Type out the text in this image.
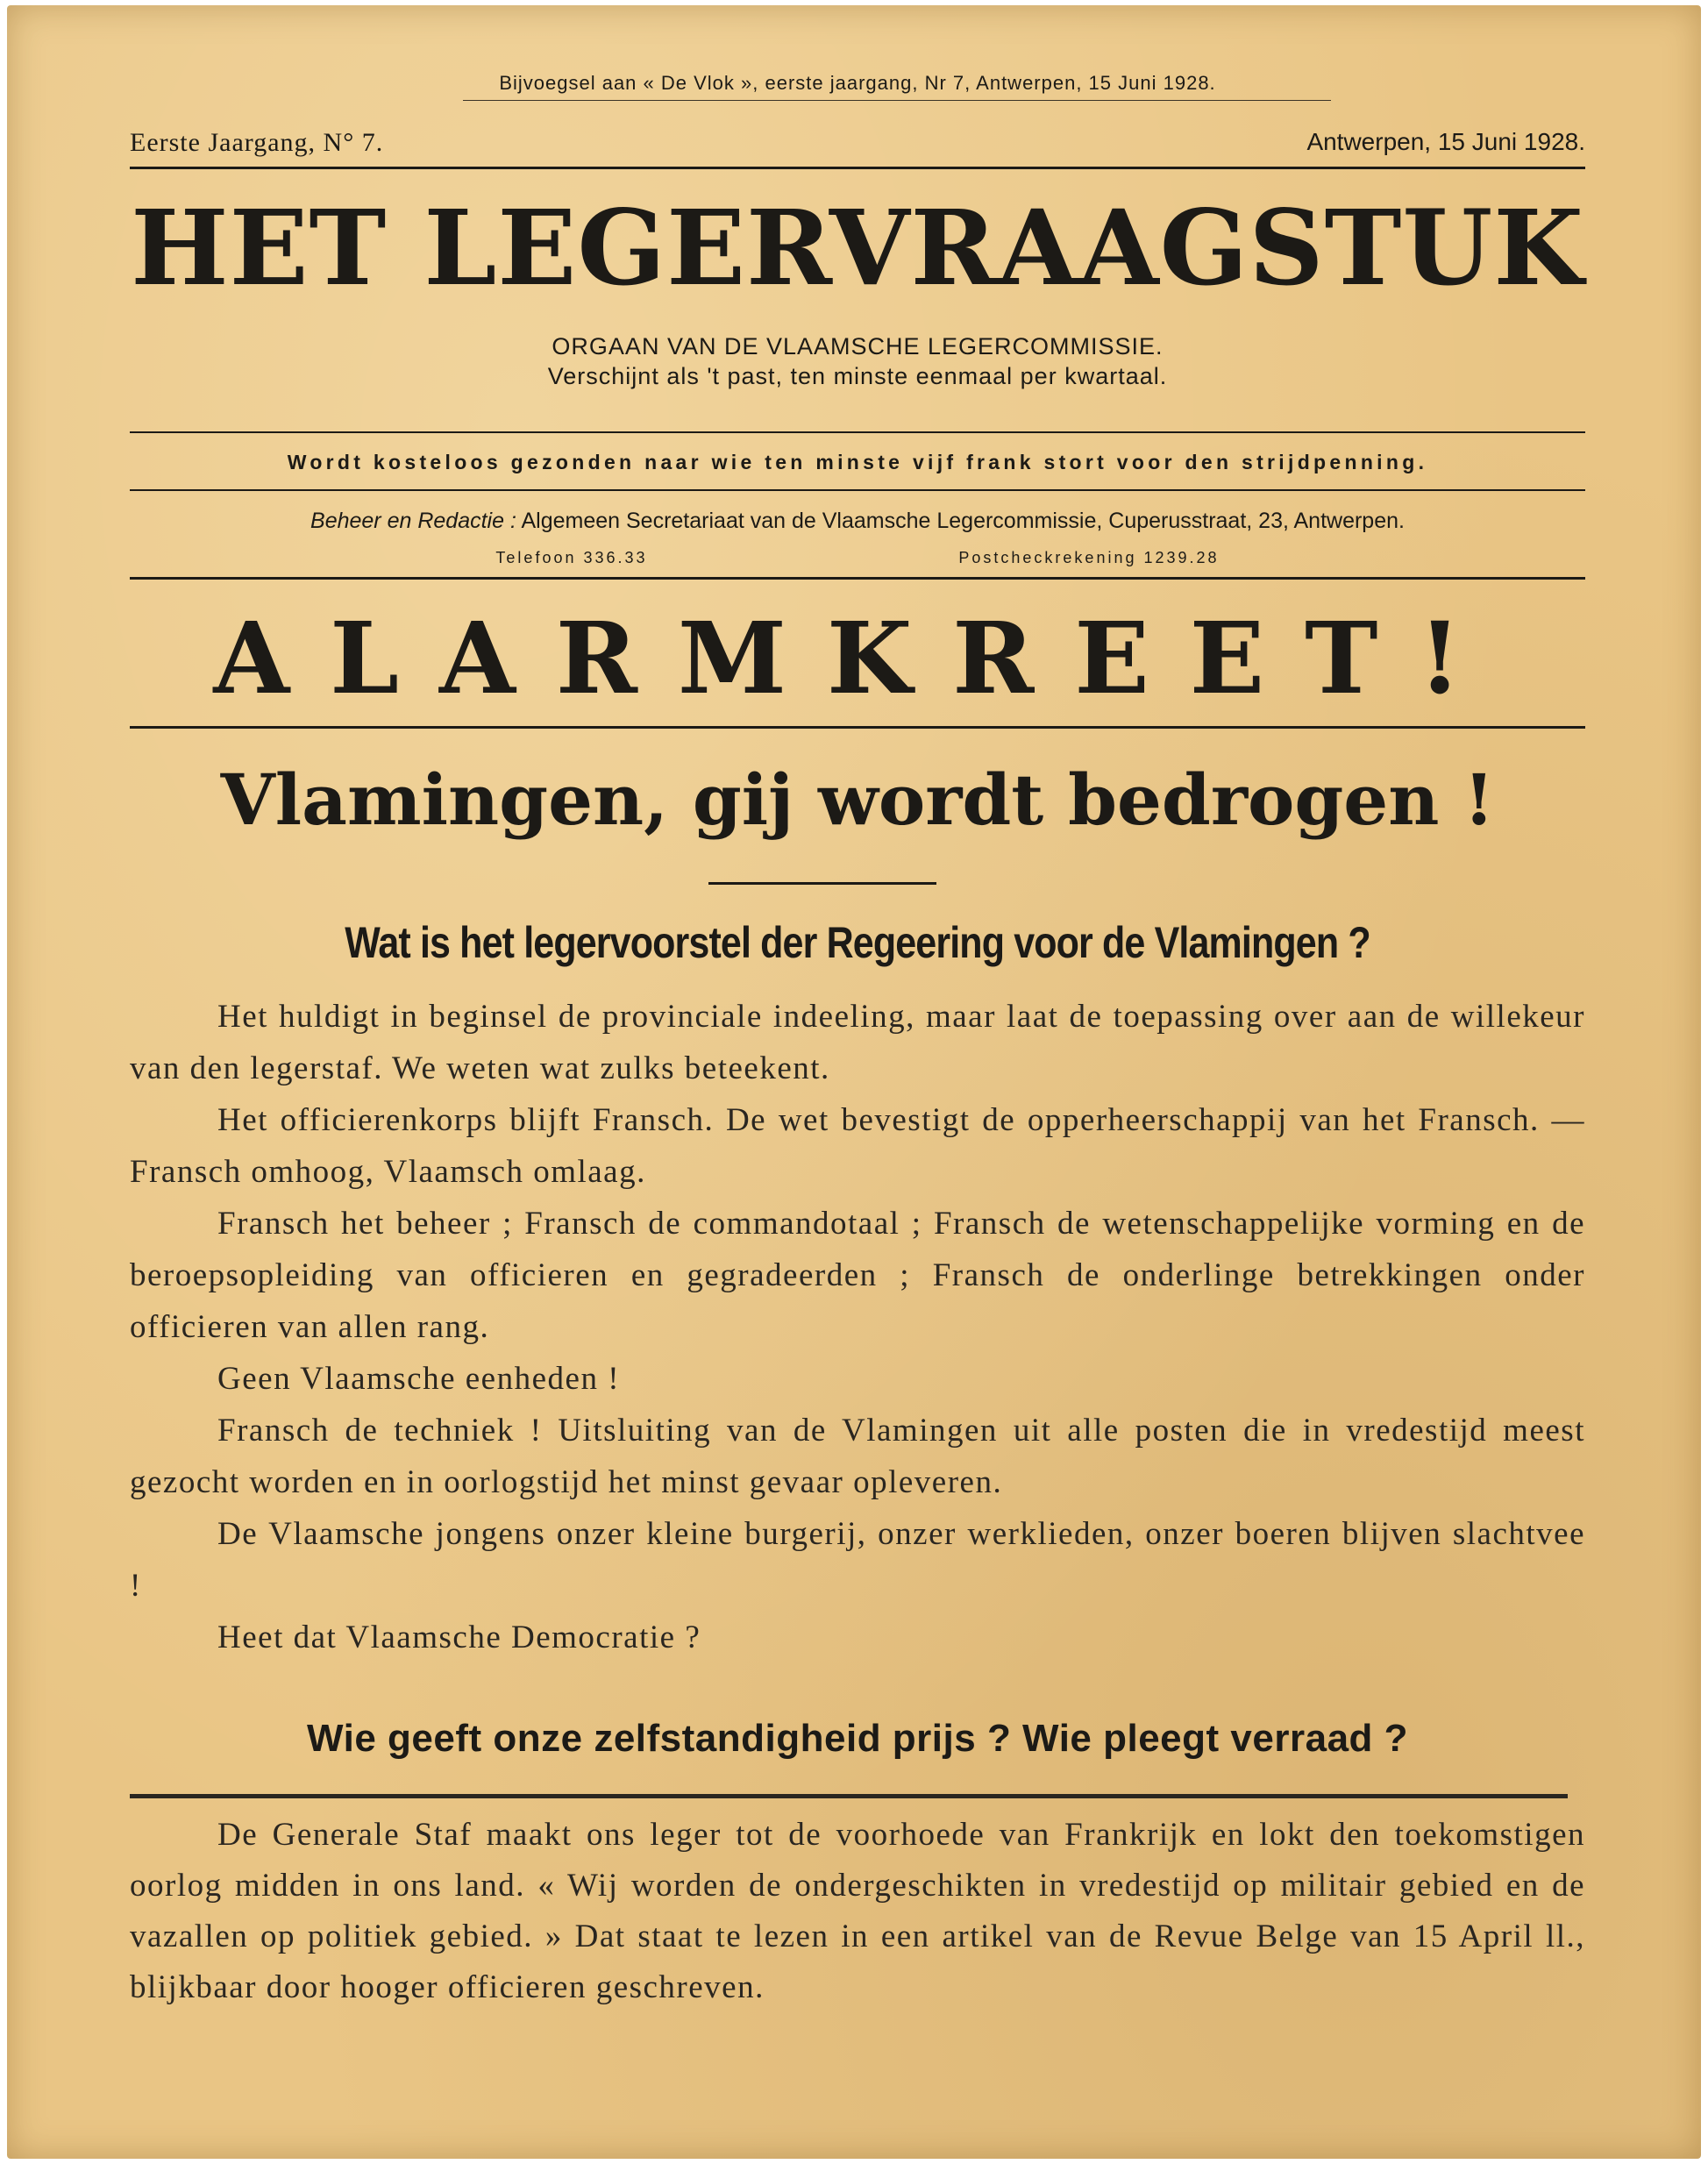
Bijvoegsel aan « De Vlok », eerste jaargang, Nr 7, Antwerpen, 15 Juni 1928.
Eerste Jaargang, N° 7.	Antwerpen, 15 Juni 1928.
HET LEGERVRAAGSTUK
ORGAAN VAN DE VLAAMSCHE LEGERCOMMISSIE.
Verschijnt als 't past, ten minste eenmaal per kwartaal.
Wordt kosteloos gezonden naar wie ten minste vijf frank stort voor den strijdpenning.
Beheer en Redactie : Algemeen Secretariaat van de Vlaamsche Legercommissie, Cuperusstraat, 23, Antwerpen.
Telefoon 336.33	Postcheckrekening 1239.28
ALARMKREET!
Vlamingen, gij wordt bedrogen !
Wat is het legervoorstel der Regeering voor de Vlamingen ?

Het huldigt in beginsel de provinciale indeeling, maar laat de toepassing over aan de willekeur van den legerstaf. We weten wat zulks beteekent.

Het officierenkorps blijft Fransch. De wet bevestigt de opperheerschappij van het Fransch. — Fransch omhoog, Vlaamsch omlaag.

Fransch het beheer ; Fransch de commandotaal ; Fransch de wetenschappelijke vorming en de beroepsopleiding van officieren en gegradeerden ; Fransch de onderlinge betrekkingen onder officieren van allen rang.

Geen Vlaamsche eenheden !

Fransch de techniek ! Uitsluiting van de Vlamingen uit alle posten die in vredestijd meest gezocht worden en in oorlogstijd het minst gevaar opleveren.

De Vlaamsche jongens onzer kleine burgerij, onzer werklieden, onzer boeren blijven slachtvee !

Heet dat Vlaamsche Democratie ?

Wie geeft onze zelfstandigheid prijs ? Wie pleegt verraad ?

De Generale Staf maakt ons leger tot de voorhoede van Frankrijk en lokt den toekomstigen oorlog midden in ons land. « Wij worden de ondergeschikten in vredestijd op militair gebied en de vazallen op politiek gebied. » Dat staat te lezen in een artikel van de Revue Belge van 15 April ll., blijkbaar door hooger officieren geschreven.
